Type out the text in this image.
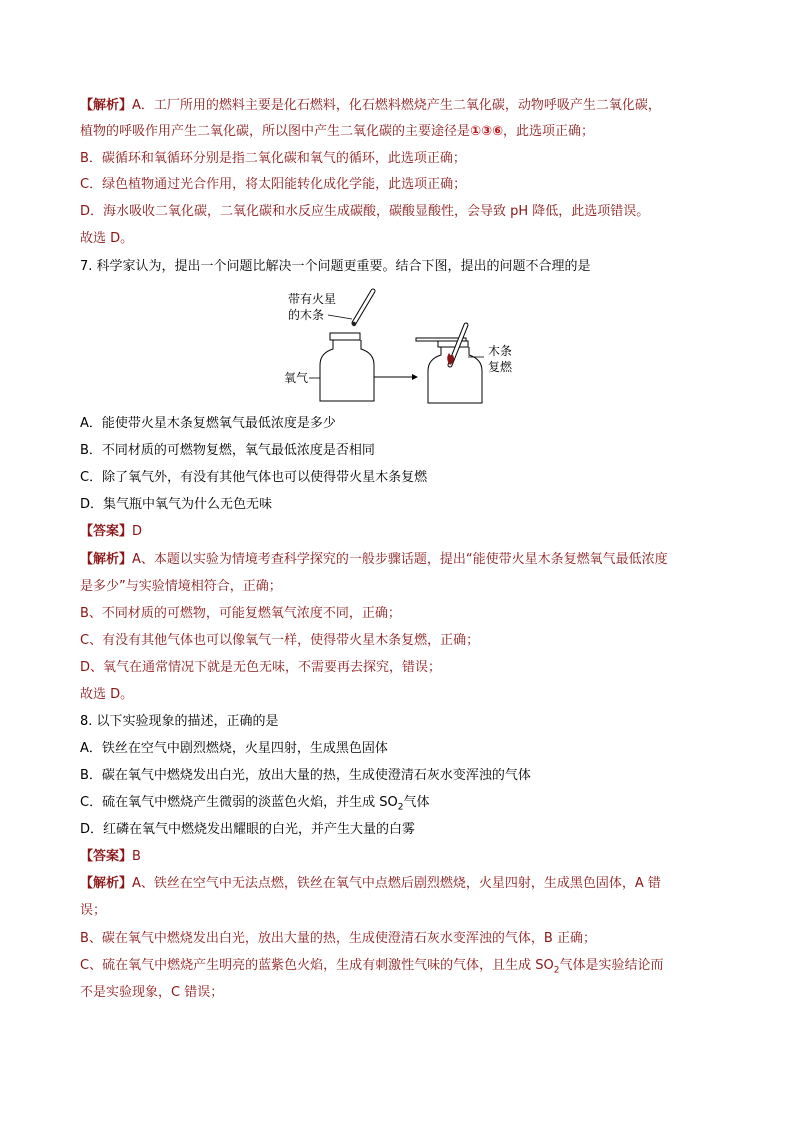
【解析】A．工厂所用的燃料主要是化石燃料，化石燃料燃烧产生二氧化碳，动物呼吸产生二氧化碳，
植物的呼吸作用产生二氧化碳，所以图中产生二氧化碳的主要途径是①③⑥，此选项正确；
B．碳循环和氧循环分别是指二氧化碳和氧气的循环，此选项正确；
C．绿色植物通过光合作用，将太阳能转化成化学能，此选项正确；
D．海水吸收二氧化碳，二氧化碳和水反应生成碳酸，碳酸显酸性，会导致 pH 降低，此选项错误。
故选 D。
7. 科学家认为，提出一个问题比解决一个问题更重要。结合下图，提出的问题不合理的是
带有火星
的木条
氧气
木条
复燃
A．能使带火星木条复燃氧气最低浓度是多少
B．不同材质的可燃物复燃，氧气最低浓度是否相同
C．除了氧气外，有没有其他气体也可以使得带火星木条复燃
D．集气瓶中氧气为什么无色无味
【答案】D
【解析】A、本题以实验为情境考查科学探究的一般步骤话题，提出“能使带火星木条复燃氧气最低浓度
是多少”与实验情境相符合，正确；
B、不同材质的可燃物，可能复燃氧气浓度不同，正确；
C、有没有其他气体也可以像氧气一样，使得带火星木条复燃，正确；
D、氧气在通常情况下就是无色无味，不需要再去探究，错误；
故选 D。
8. 以下实验现象的描述，正确的是
A．铁丝在空气中剧烈燃烧，火星四射，生成黑色固体
B．碳在氧气中燃烧发出白光，放出大量的热，生成使澄清石灰水变浑浊的气体
C．硫在氧气中燃烧产生微弱的淡蓝色火焰，并生成 $SO_2$气体
D．红磷在氧气中燃烧发出耀眼的白光，并产生大量的白雾
【答案】B
【解析】A、铁丝在空气中无法点燃，铁丝在氧气中点燃后剧烈燃烧，火星四射，生成黑色固体，A 错
误；
B、碳在氧气中燃烧发出白光，放出大量的热，生成使澄清石灰水变浑浊的气体，B 正确；
C、硫在氧气中燃烧产生明亮的蓝紫色火焰，生成有刺激性气味的气体，且生成 $SO_2$气体是实验结论而
不是实验现象，C 错误；
